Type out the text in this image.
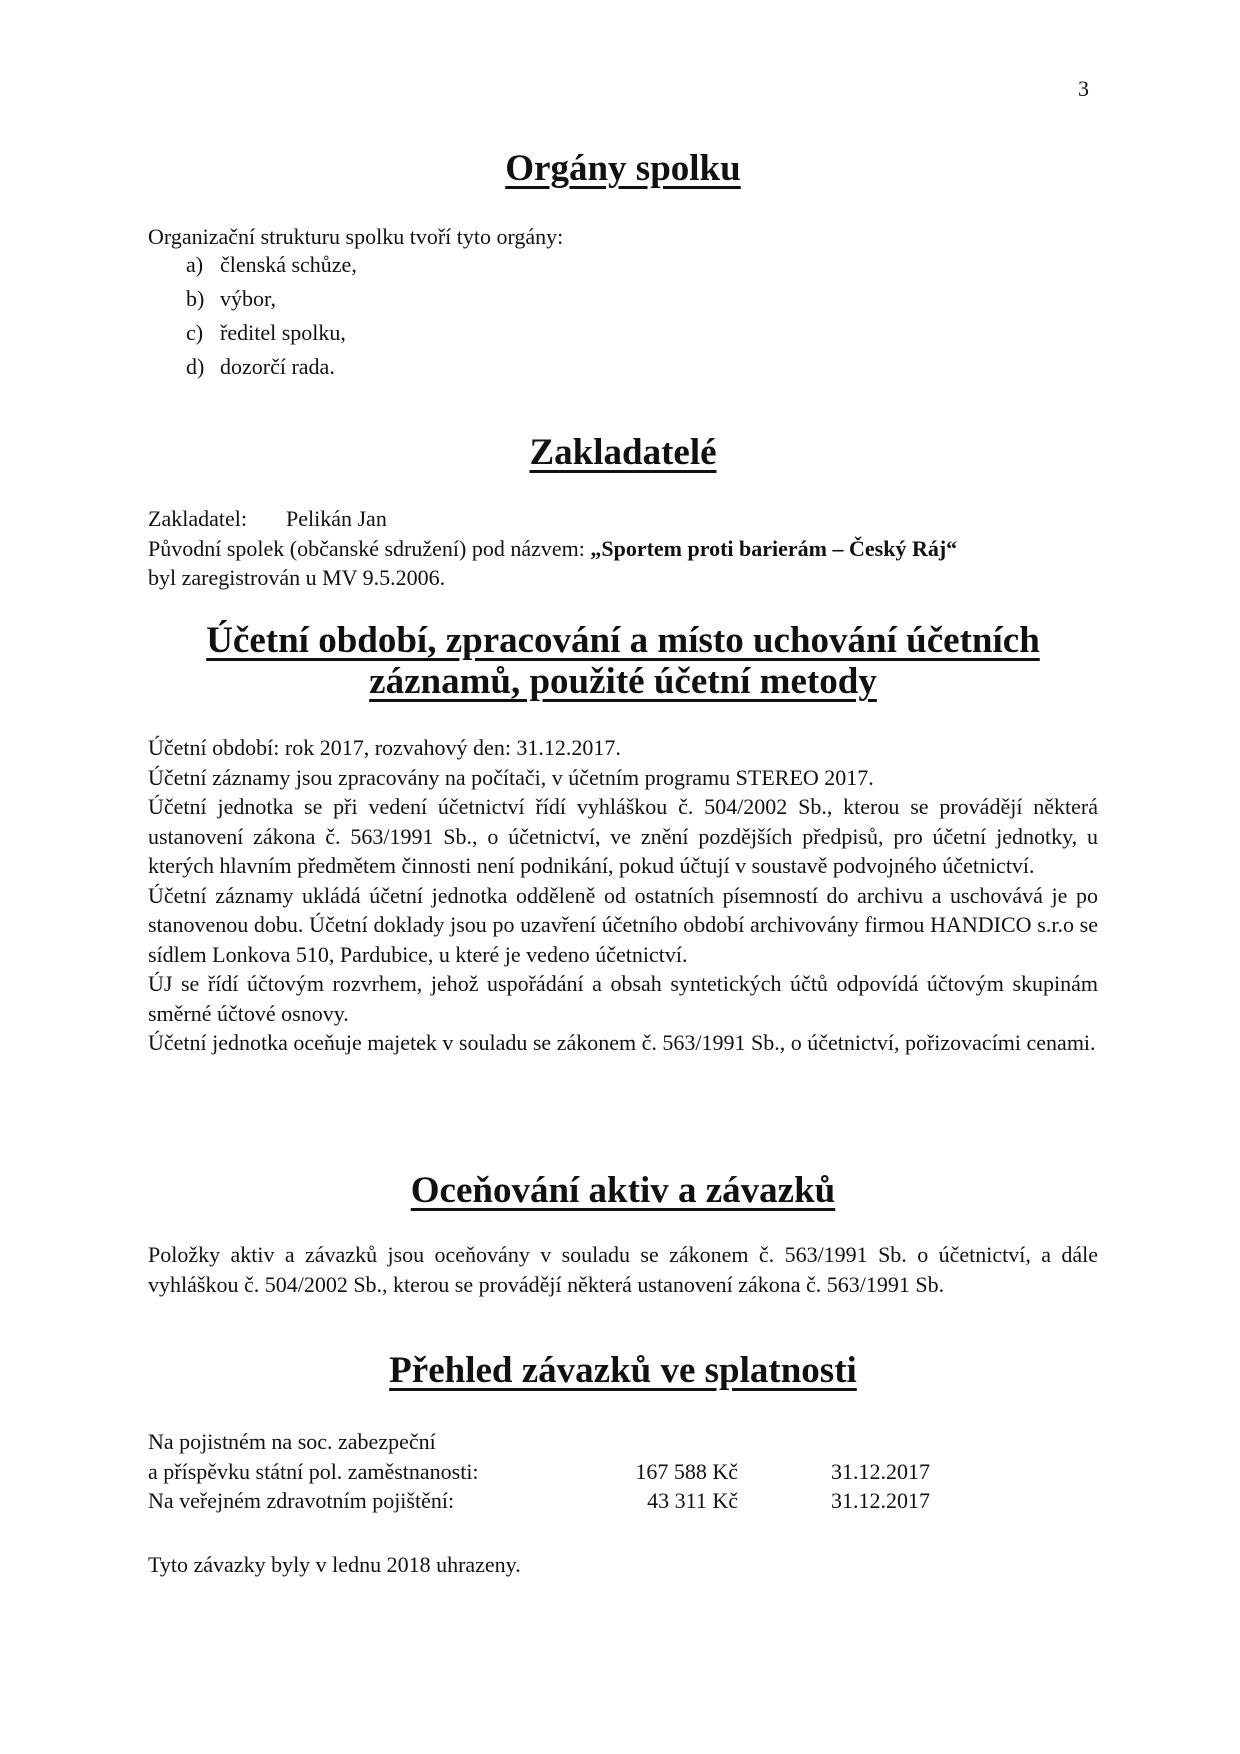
3
Orgány spolku
Organizační strukturu spolku tvoří tyto orgány:
a) členská schůze,
b) výbor,
c) ředitel spolku,
d) dozorčí rada.
Zakladatelé

Zakladatel: Pelikán Jan

Původní spolek (občanské sdružení) pod názvem: „Sportem proti barierám – Český Ráj“

byl zaregistrován u MV 9.5.2006.

Účetní období, zpracování a místo uchování účetních
záznamů, použité účetní metody

Účetní období: rok 2017, rozvahový den: 31.12.2017.

Účetní záznamy jsou zpracovány na počítači, v účetním programu STEREO 2017.

Účetní jednotka se při vedení účetnictví řídí vyhláškou č. 504/2002 Sb., kterou se provádějí některá ustanovení zákona č. 563/1991 Sb., o účetnictví, ve znění pozdějších předpisů, pro účetní jednotky, u kterých hlavním předmětem činnosti není podnikání, pokud účtují v soustavě podvojného účetnictví.

Účetní záznamy ukládá účetní jednotka odděleně od ostatních písemností do archivu a uschovává je po stanovenou dobu. Účetní doklady jsou po uzavření účetního období archivovány firmou HANDICO s.r.o se sídlem Lonkova 510, Pardubice, u které je vedeno účetnictví.

ÚJ se řídí účtovým rozvrhem, jehož uspořádání a obsah syntetických účtů odpovídá účtovým skupinám směrné účtové osnovy.

Účetní jednotka oceňuje majetek v souladu se zákonem č. 563/1991 Sb., o účetnictví, pořizovacími cenami.

Oceňování aktiv a závazků
Položky aktiv a závazků jsou oceňovány v souladu se zákonem č. 563/1991 Sb. o účetnictví, a dále vyhláškou č. 504/2002 Sb., kterou se provádějí některá ustanovení zákona č. 563/1991 Sb.
Přehled závazků ve splatnosti
Na pojistném na soc. zabezpeční
a příspěvku státní pol. zaměstnanosti:	167 588 Kč	31.12.2017
Na veřejném zdravotním pojištění:	43 311 Kč	31.12.2017
Tyto závazky byly v lednu 2018 uhrazeny.
